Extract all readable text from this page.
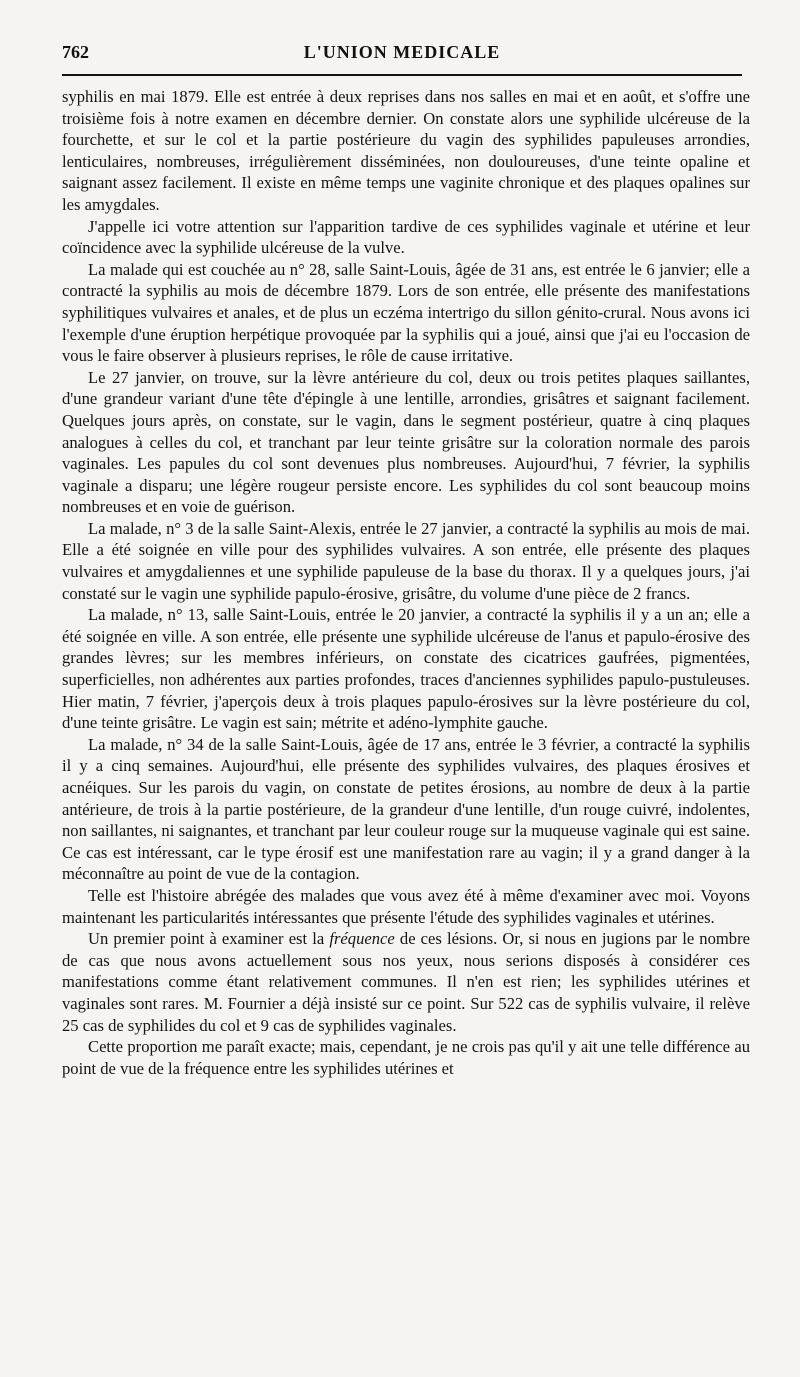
762	L'UNION MEDICALE

syphilis en mai 1879. Elle est entrée à deux reprises dans nos salles en mai et en août, et s'offre une troisième fois à notre examen en décembre dernier. On constate alors une syphilide ulcéreuse de la fourchette, et sur le col et la partie postérieure du vagin des syphilides papuleuses arrondies, lenticulaires, nombreuses, irrégulièrement disséminées, non douloureuses, d'une teinte opaline et saignant assez facilement. Il existe en même temps une vaginite chronique et des plaques opalines sur les amygdales.

J'appelle ici votre attention sur l'apparition tardive de ces syphilides vaginale et utérine et leur coïncidence avec la syphilide ulcéreuse de la vulve.

La malade qui est couchée au n° 28, salle Saint-Louis, âgée de 31 ans, est entrée le 6 janvier; elle a contracté la syphilis au mois de décembre 1879. Lors de son entrée, elle présente des manifestations syphilitiques vulvaires et anales, et de plus un eczéma intertrigo du sillon génito-crural. Nous avons ici l'exemple d'une éruption herpétique provoquée par la syphilis qui a joué, ainsi que j'ai eu l'occasion de vous le faire observer à plusieurs reprises, le rôle de cause irritative.

Le 27 janvier, on trouve, sur la lèvre antérieure du col, deux ou trois petites plaques saillantes, d'une grandeur variant d'une tête d'épingle à une lentille, arrondies, grisâtres et saignant facilement. Quelques jours après, on constate, sur le vagin, dans le segment postérieur, quatre à cinq plaques analogues à celles du col, et tranchant par leur teinte grisâtre sur la coloration normale des parois vaginales. Les papules du col sont devenues plus nombreuses. Aujourd'hui, 7 février, la syphilis vaginale a disparu; une légère rougeur persiste encore. Les syphilides du col sont beaucoup moins nombreuses et en voie de guérison.

La malade, n° 3 de la salle Saint-Alexis, entrée le 27 janvier, a contracté la syphilis au mois de mai. Elle a été soignée en ville pour des syphilides vulvaires. A son entrée, elle présente des plaques vulvaires et amygdaliennes et une syphilide papuleuse de la base du thorax. Il y a quelques jours, j'ai constaté sur le vagin une syphilide papulo-érosive, grisâtre, du volume d'une pièce de 2 francs.

La malade, n° 13, salle Saint-Louis, entrée le 20 janvier, a contracté la syphilis il y a un an; elle a été soignée en ville. A son entrée, elle présente une syphilide ulcéreuse de l'anus et papulo-érosive des grandes lèvres; sur les membres inférieurs, on constate des cicatrices gaufrées, pigmentées, superficielles, non adhérentes aux parties profondes, traces d'anciennes syphilides papulo-pustuleuses. Hier matin, 7 février, j'aperçois deux à trois plaques papulo-érosives sur la lèvre postérieure du col, d'une teinte grisâtre. Le vagin est sain; métrite et adéno-lymphite gauche.

La malade, n° 34 de la salle Saint-Louis, âgée de 17 ans, entrée le 3 février, a contracté la syphilis il y a cinq semaines. Aujourd'hui, elle présente des syphilides vulvaires, des plaques érosives et acnéiques. Sur les parois du vagin, on constate de petites érosions, au nombre de deux à la partie antérieure, de trois à la partie postérieure, de la grandeur d'une lentille, d'un rouge cuivré, indolentes, non saillantes, ni saignantes, et tranchant par leur couleur rouge sur la muqueuse vaginale qui est saine. Ce cas est intéressant, car le type érosif est une manifestation rare au vagin; il y a grand danger à la méconnaître au point de vue de la contagion.

Telle est l'histoire abrégée des malades que vous avez été à même d'examiner avec moi. Voyons maintenant les particularités intéressantes que présente l'étude des syphilides vaginales et utérines.

Un premier point à examiner est la fréquence de ces lésions. Or, si nous en jugions par le nombre de cas que nous avons actuellement sous nos yeux, nous serions disposés à considérer ces manifestations comme étant relativement communes. Il n'en est rien; les syphilides utérines et vaginales sont rares. M. Fournier a déjà insisté sur ce point. Sur 522 cas de syphilis vulvaire, il relève 25 cas de syphilides du col et 9 cas de syphilides vaginales.

Cette proportion me paraît exacte; mais, cependant, je ne crois pas qu'il y ait une telle différence au point de vue de la fréquence entre les syphilides utérines et
